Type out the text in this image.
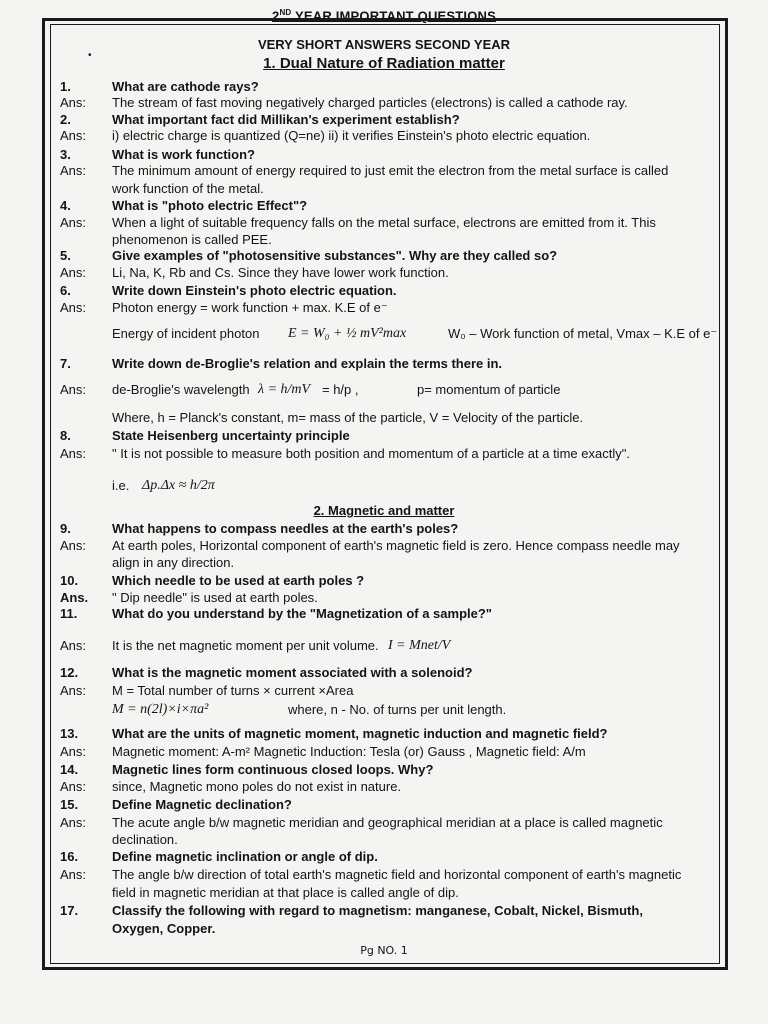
2ND YEAR IMPORTANT QUESTIONS
•
VERY SHORT ANSWERS SECOND YEAR
1. Dual Nature of Radiation matter
1.	What are cathode rays?
Ans: The stream of fast moving negatively charged particles (electrons) is called a cathode ray.
2.	What important fact did Millikan's experiment establish?
Ans: i) electric charge is quantized (Q=ne) ii) it verifies Einstein's photo electric equation.
3.	What is work function?
Ans: The minimum amount of energy required to just emit the electron from the metal surface is called
work function of the metal.
4.	What is "photo electric Effect"?
Ans: When a light of suitable frequency falls on the metal surface, electrons are emitted from it. This
phenomenon is called PEE.
5.	Give examples of "photosensitive substances". Why are they called so?
Ans: Li, Na, K, Rb and Cs. Since they have lower work function.
6.	Write down Einstein's photo electric equation.
Ans: Photon energy = work function + max. K.E of e⁻
Energy of incident photon E = W₀ + ½ mV²max	W₀ – Work function of metal, Vmax – K.E of e⁻
7.	Write down de-Broglie's relation and explain the terms there in.
Ans: de-Broglie's wavelength λ = h/mV = h/p ,	p= momentum of particle
Where, h = Planck's constant, m= mass of the particle, V = Velocity of the particle.
8.	State Heisenberg uncertainty principle
Ans: " It is not possible to measure both position and momentum of a particle at a time exactly".
i.e. Δp.Δx ≈ h/2π
2. Magnetic and matter
9.	What happens to compass needles at the earth's poles?
Ans: At earth poles, Horizontal component of earth's magnetic field is zero. Hence compass needle may
align in any direction.
10.	Which needle to be used at earth poles ?
Ans. " Dip needle" is used at earth poles.
11.	What do you understand by the "Magnetization of a sample?"
Ans: It is the net magnetic moment per unit volume. I = Mnet/V
12.	What is the magnetic moment associated with a solenoid?
Ans: M = Total number of turns × current ×Area
M = n(2l)×i×πa²	where, n - No. of turns per unit length.
13.	What are the units of magnetic moment, magnetic induction and magnetic field?
Ans: Magnetic moment: A-m² Magnetic Induction: Tesla (or) Gauss , Magnetic field: A/m
14.	Magnetic lines form continuous closed loops. Why?
Ans: since, Magnetic mono poles do not exist in nature.
15.	Define Magnetic declination?
Ans: The acute angle b/w magnetic meridian and geographical meridian at a place is called magnetic
declination.
16.	Define magnetic inclination or angle of dip.
Ans: The angle b/w direction of total earth's magnetic field and horizontal component of earth's magnetic
field in magnetic meridian at that place is called angle of dip.
17.	Classify the following with regard to magnetism: manganese, Cobalt, Nickel, Bismuth,
Oxygen, Copper.
Pg NO. 1
